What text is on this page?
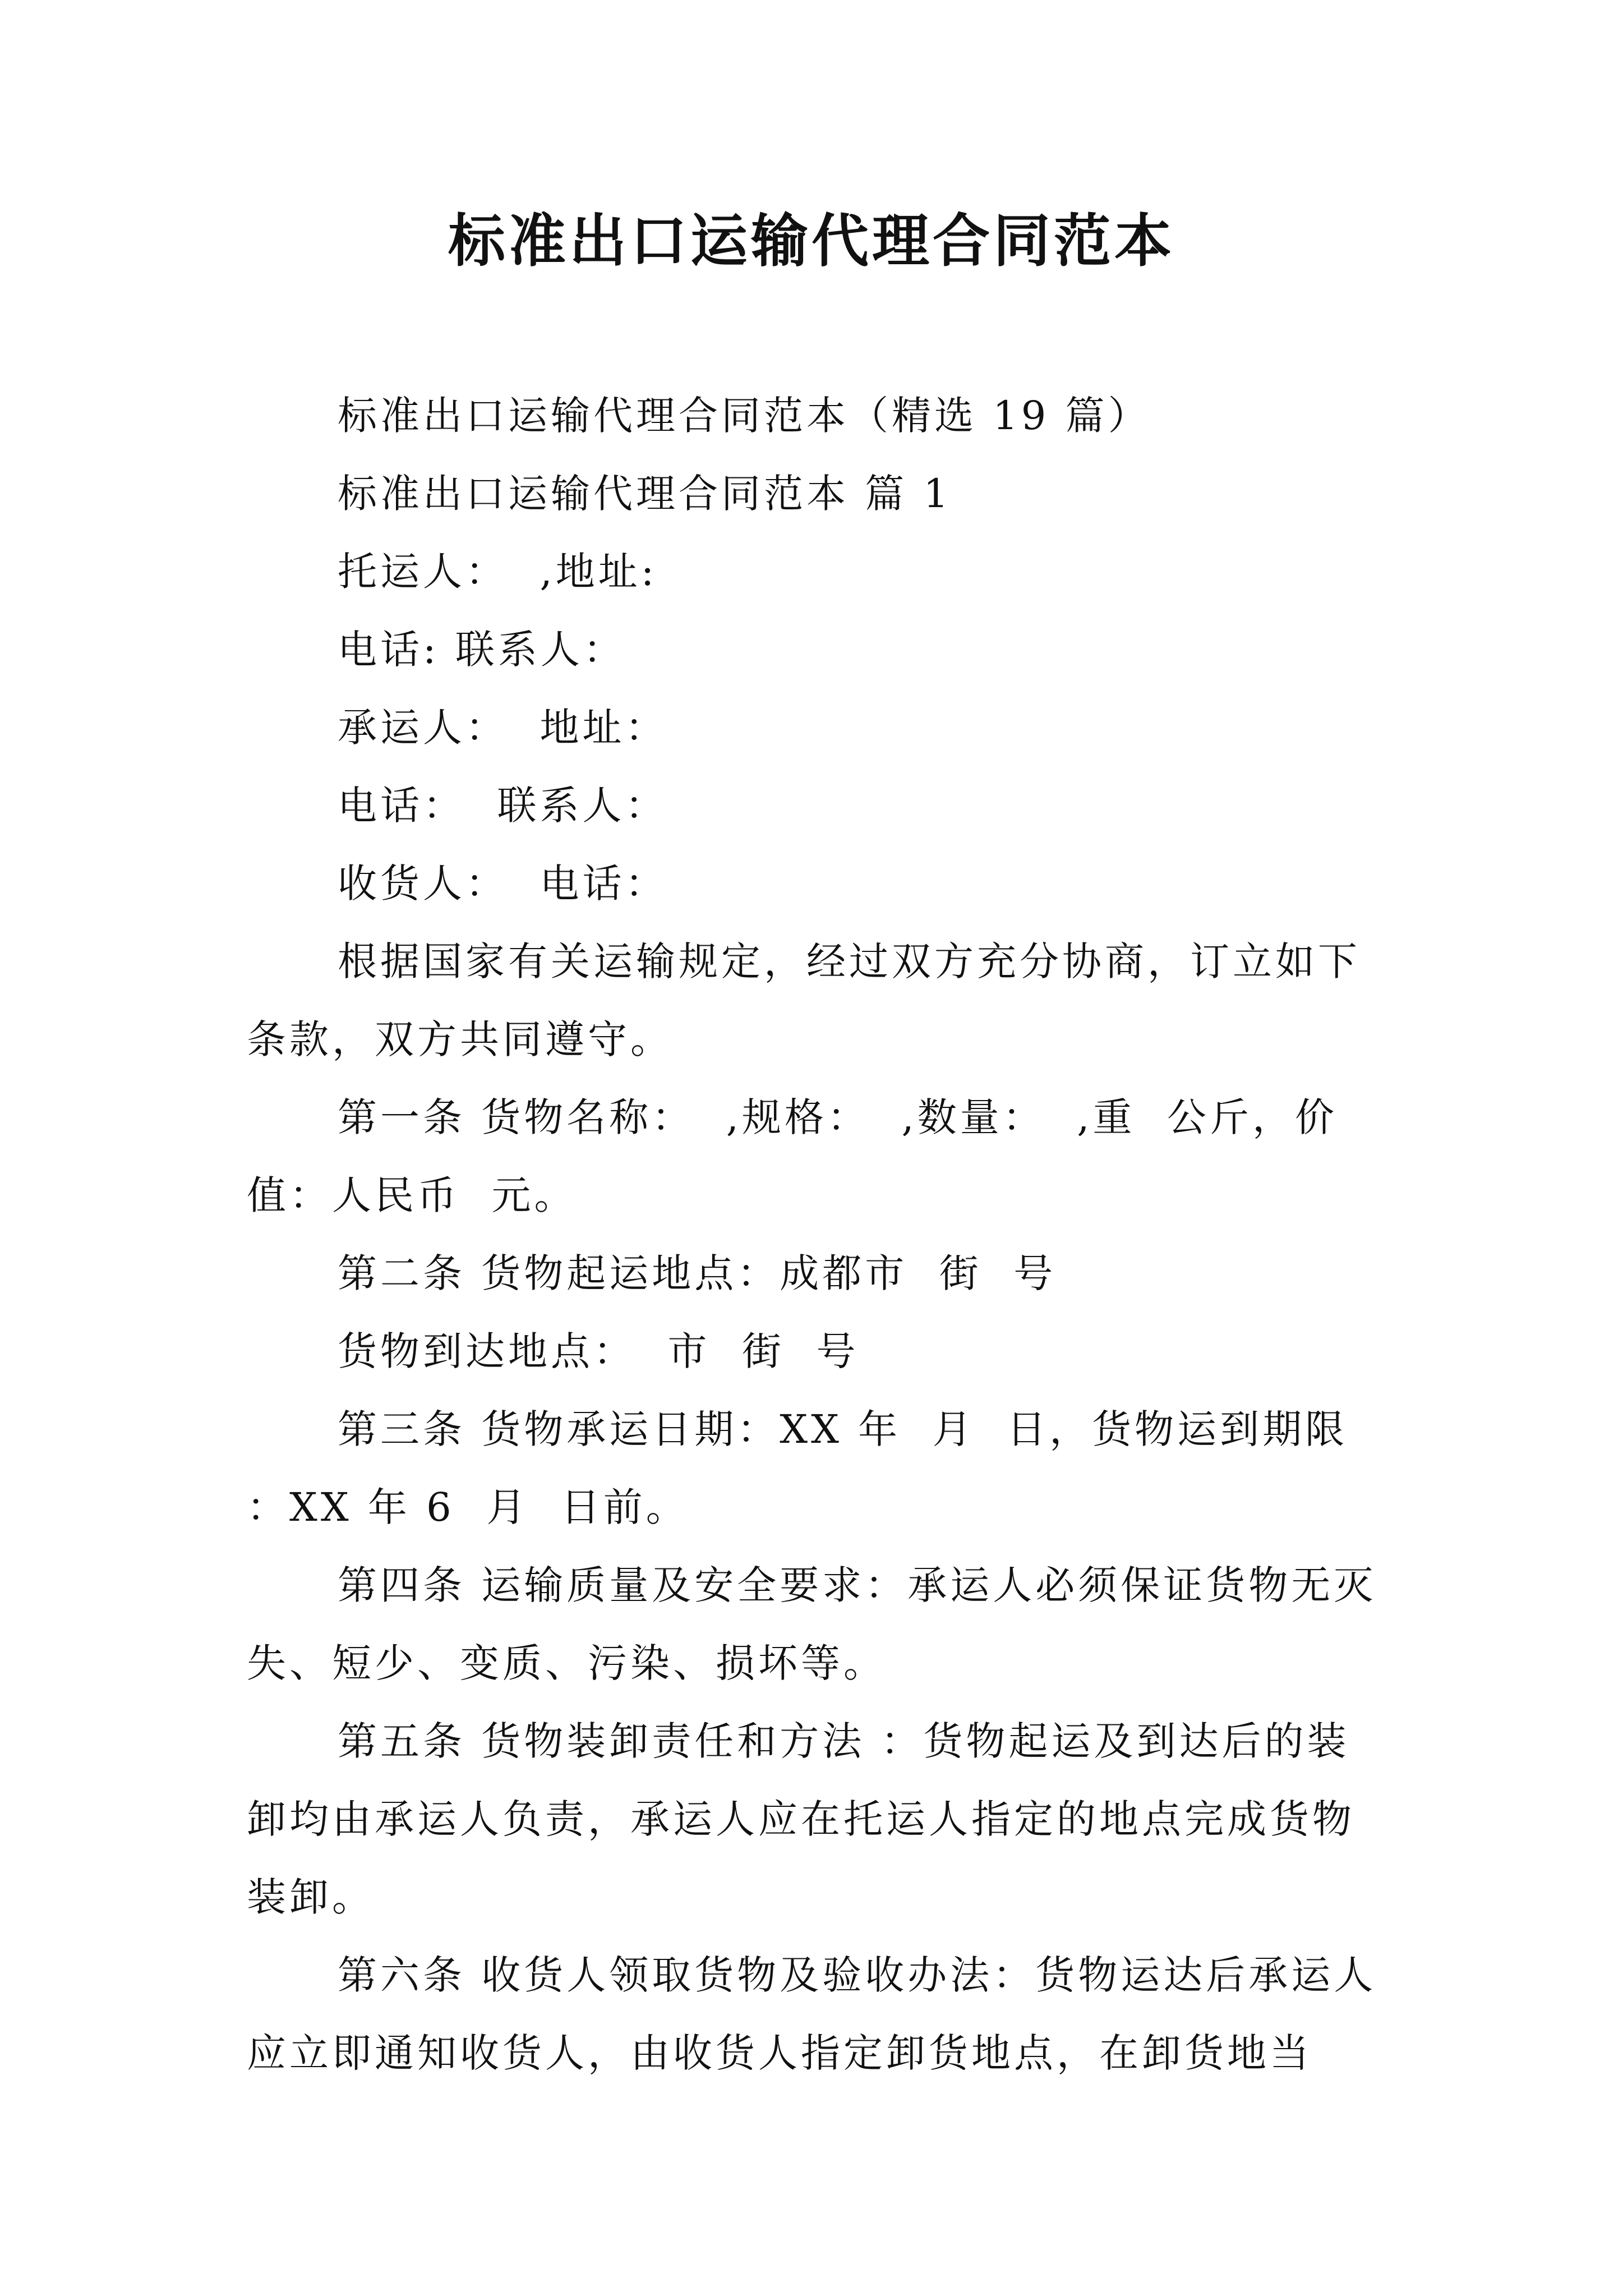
标准出口运输代理合同范本

标准出口运输代理合同范本（精选 19 篇）

标准出口运输代理合同范本 篇 1

托运人：  ,地址:

电话: 联系人：

承运人：  地址：

电话：  联系人：

收货人：  电话：

根据国家有关运输规定，经过双方充分协商，订立如下条款，双方共同遵守。

第一条 货物名称：  ,规格：  ,数量：  ,重  公斤，价值：人民币  元。

第二条 货物起运地点：成都市  街  号

货物到达地点：  市  街  号

第三条 货物承运日期：XX 年  月  日，货物运到期限 ：XX 年 6  月  日前。

第四条 运输质量及安全要求：承运人必须保证货物无灭失、短少、变质、污染、损坏等。

第五条 货物装卸责任和方法 ：货物起运及到达后的装卸均由承运人负责，承运人应在托运人指定的地点完成货物装卸。

第六条 收货人领取货物及验收办法：货物运达后承运人应立即通知收货人，由收货人指定卸货地点，在卸货地当
